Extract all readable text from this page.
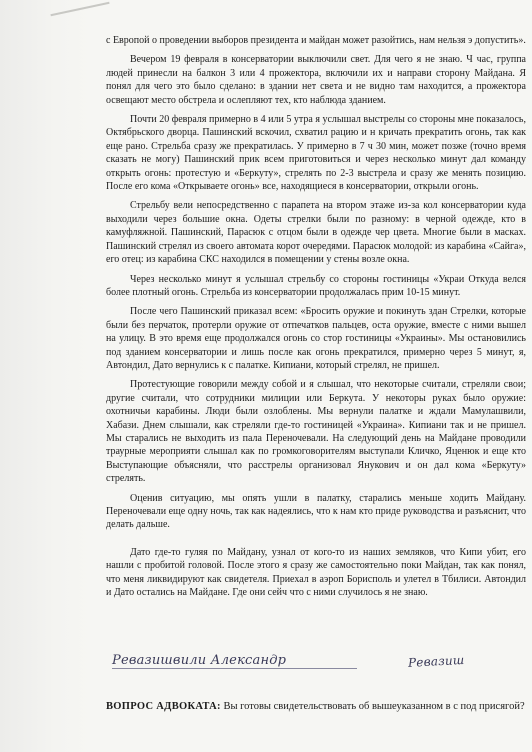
с Европой о проведении выборов президента и майдан может разойтись, нам нельзя э допустить».

Вечером 19 февраля в консерватории выключили свет. Для чего я не знаю. Ч час, группа людей принесли на балкон 3 или 4 прожектора, включили их и направи сторону Майдана. Я понял для чего это было сделано: в здании нет света и не видно там находится, а прожектора освещают место обстрела и ослепляют тех, кто наблюда зданием.

Почти 20 февраля примерно в 4 или 5 утра я услышал выстрелы со стороны мне показалось, Октябрьского дворца. Пашинский вскочил, схватил рацию и н кричать прекратить огонь, так как еще рано. Стрельба сразу же прекратилась. У примерно в 7 ч 30 мин, может позже (точно время сказать не могу) Пашинский прик всем приготовиться и через несколько минут дал команду открыть огонь: протестую и «Беркуту», стрелять по 2-3 выстрела и сразу же менять позицию. После его кома «Открываете огонь» все, находящиеся в консерватории, открыли огонь.

Стрельбу вели непосредственно с парапета на втором этаже из-за кол консерватории куда выходили через большие окна. Одеты стрелки были по разному: в черной одежде, кто в камуфляжной. Пашинский, Парасюк с отцом были в одежде чер цвета. Многие были в масках. Пашинский стрелял из своего автомата корот очередями. Парасюк молодой: из карабина «Сайга», его отец: из карабина СКС находился в помещении у стены возле окна.

Через несколько минут я услышал стрельбу со стороны гостиницы «Украи Откуда велся более плотный огонь. Стрельба из консерватории продолжалась прим 10-15 минут.

После чего Пашинский приказал всем: «Бросить оружие и покинуть здан Стрелки, которые были без перчаток, протерли оружие от отпечатков пальцев, оста оружие, вместе с ними вышел на улицу. В это время еще продолжался огонь со стор гостиницы «Украины». Мы остановились под зданием консерватории и лишь после как огонь прекратился, примерно через 5 минут, я, Автондил, Дато вернулись к с палатке. Кипиани, который стрелял, не пришел.

Протестующие говорили между собой и я слышал, что некоторые считали, стреляли свои; другие считали, что сотрудники милиции или Беркута. У некоторы руках было оружие: охотничьи карабины. Люди были озлоблены. Мы вернули палатке и ждали Мамулашвили, Хабази. Днем слышали, как стреляли где-то гостиницей «Украина». Кипиани так и не пришел. Мы старались не выходить из пала Переночевали. На следующий день на Майдане проводили траурные мероприяти слышал как по громкоговорителям выступали Кличко, Яценюк и еще кто Выступающие объясняли, что расстрелы организовал Янукович и он дал кома «Беркуту» стрелять.

Оценив ситуацию, мы опять ушли в палатку, старались меньше ходить Майдану. Переночевали еще одну ночь, так как надеялись, что к нам кто приде руководства и разъяснит, что делать дальше.

Дато где-то гуляя по Майдану, узнал от кого-то из наших земляков, что Кипи убит, его нашли с пробитой головой. После этого я сразу же самостоятельно поки Майдан, так как понял, что меня ликвидируют как свидетеля. Приехал в аэроп Борисполь и улетел в Тбилиси. Автондил и Дато остались на Майдане. Где они сейч что с ними случилось я не знаю.

Ревазишвили Александр	Ревазиш
ВОПРОС АДВОКАТА: Вы готовы свидетельствовать об вышеуказанном в с под присягой?
